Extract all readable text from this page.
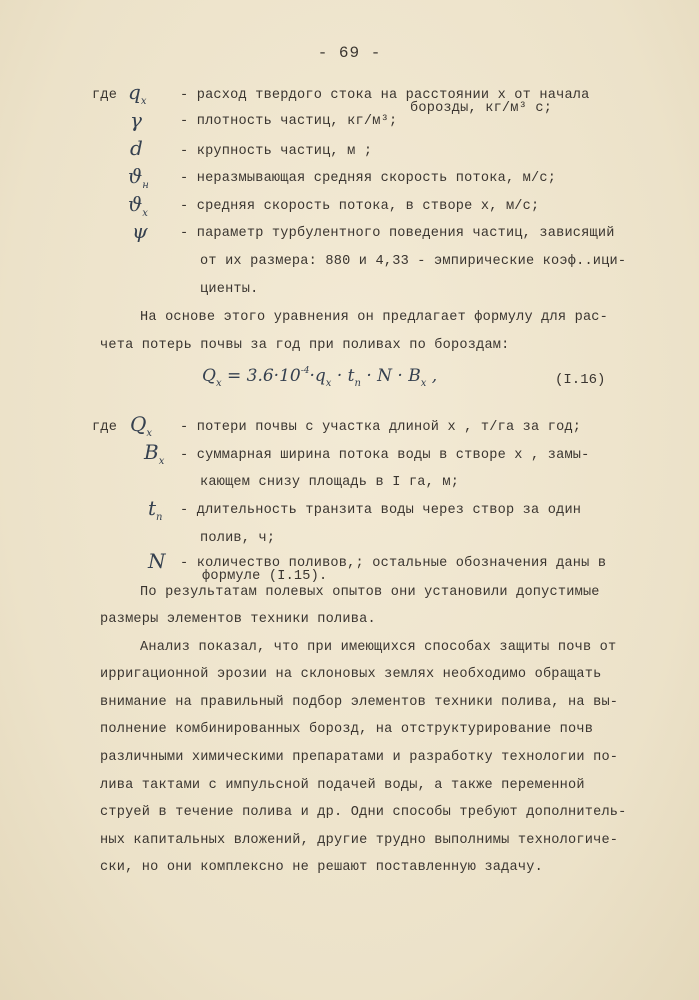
- 69 -
где $q_x$ - расход твердого стока на расстоянии x от начала
борозды, кг/м³ с;
γ	- плотность частиц, кг/м³;
d	- крупность частиц, м ;
$ϑ_н$ - неразмывающая средняя скорость потока, м/с;
$ϑ_x$ - средняя скорость потока, в створе x, м/с;
ψ - параметр турбулентного поведения частиц, зависящий
от их размера: 880 и 4,33 - эмпирические коэф..ици-
циенты.
На основе этого уравнения он предлагает формулу для рас-
чета потерь почвы за год при поливах по бороздам:
$Q_x = 3.6\cdot 10^{-4}\cdot q_x \cdot t_п \cdot N \cdot B_x$ ,	(I.16)
где $Q_x$ - потери почвы с участка длиной x , т/га за год;
$B_x$ - суммарная ширина потока воды в створе x , замы-
кающем снизу площадь в I га, м;
$t_п$ - длительность транзита воды через створ за один
полив, ч;
N - количество поливов,; остальные обозначения даны в
формуле (I.15).
По результатам полевых опытов они установили допустимые
размеры элементов техники полива.
Анализ показал, что при имеющихся способах защиты почв от
ирригационной эрозии на склоновых землях необходимо обращать
внимание на правильный подбор элементов техники полива, на вы-
полнение комбинированных борозд, на отструктурирование почв
различными химическими препаратами и разработку технологии по-
лива тактами с импульсной подачей воды, а также переменной
струей в течение полива и др. Одни способы требуют дополнитель-
ных капитальных вложений, другие трудно выполнимы технологиче-
ски, но они комплексно не решают поставленную задачу.
